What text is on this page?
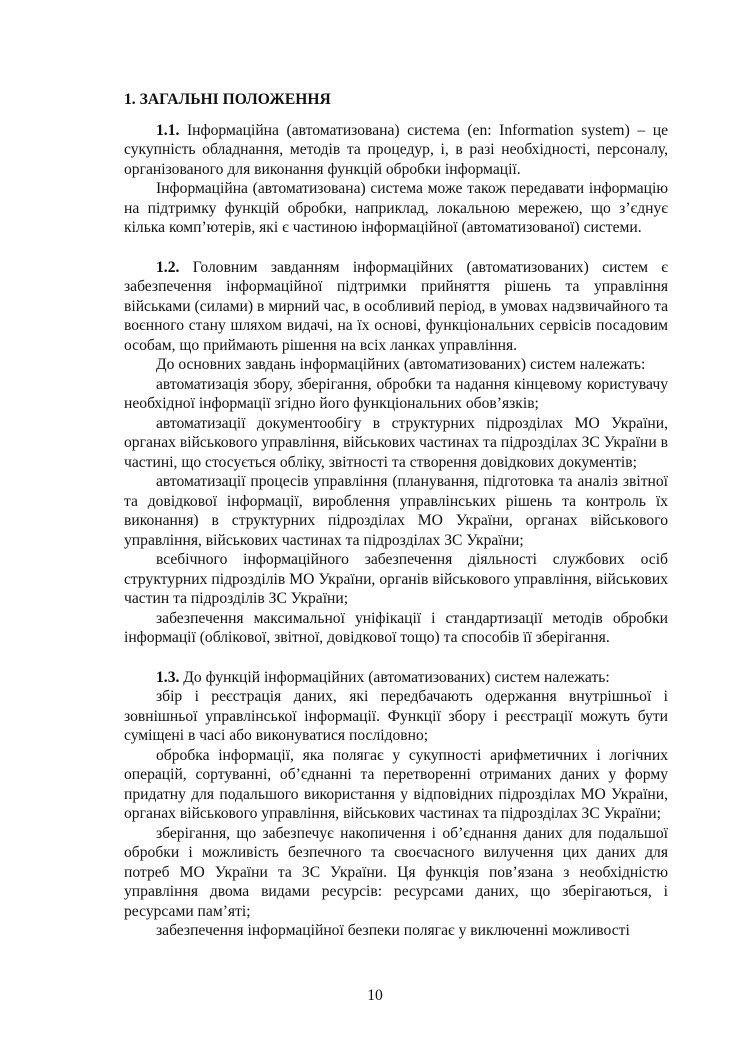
1. ЗАГАЛЬНІ ПОЛОЖЕННЯ

1.1. Інформаційна (автоматизована) система (en: Information system) – це сукупність обладнання, методів та процедур, і, в разі необхідності, персоналу, організованого для виконання функцій обробки інформації.

Інформаційна (автоматизована) система може також передавати інформацію на підтримку функцій обробки, наприклад, локальною мережею, що з’єднує кілька комп’ютерів, які є частиною інформаційної (автоматизованої) системи.

1.2. Головним завданням інформаційних (автоматизованих) систем є забезпечення інформаційної підтримки прийняття рішень та управління військами (силами) в мирний час, в особливий період, в умовах надзвичайного та воєнного стану шляхом видачі, на їх основі, функціональних сервісів посадовим особам, що приймають рішення на всіх ланках управління.

До основних завдань інформаційних (автоматизованих) систем належать:

автоматизація збору, зберігання, обробки та надання кінцевому користувачу необхідної інформації згідно його функціональних обов’язків;

автоматизації документообігу в структурних підрозділах МО України, органах військового управління, військових частинах та підрозділах ЗС України в частині, що стосується обліку, звітності та створення довідкових документів;

автоматизації процесів управління (планування, підготовка та аналіз звітної та довідкової інформації, вироблення управлінських рішень та контроль їх виконання) в структурних підрозділах МО України, органах військового управління, військових частинах та підрозділах ЗС України;

всебічного інформаційного забезпечення діяльності службових осіб структурних підрозділів МО України, органів військового управління, військових частин та підрозділів ЗС України;

забезпечення максимальної уніфікації і стандартизації методів обробки інформації (облікової, звітної, довідкової тощо) та способів її зберігання.

1.3. До функцій інформаційних (автоматизованих) систем належать:

збір і реєстрація даних, які передбачають одержання внутрішньої і зовнішньої управлінської інформації. Функції збору і реєстрації можуть бути суміщені в часі або виконуватися послідовно;

обробка інформації, яка полягає у сукупності арифметичних і логічних операцій, сортуванні, об’єднанні та перетворенні отриманих даних у форму придатну для подальшого використання у відповідних підрозділах МО України, органах військового управління, військових частинах та підрозділах ЗС України;

зберігання, що забезпечує накопичення і об’єднання даних для подальшої обробки і можливість безпечного та своєчасного вилучення цих даних для потреб МО України та ЗС України. Ця функція пов’язана з необхідністю управління двома видами ресурсів: ресурсами даних, що зберігаються, і ресурсами пам’яті;

забезпечення інформаційної безпеки полягає у виключенні можливості

10
